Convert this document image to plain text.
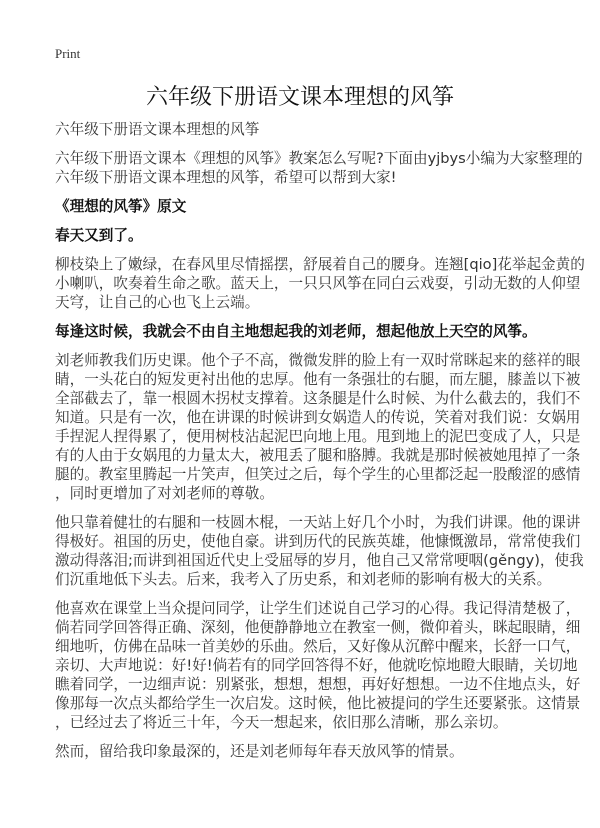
Print
六年级下册语文课本理想的风筝
六年级下册语文课本理想的风筝
六年级下册语文课本《理想的风筝》教案怎么写呢?下面由yjbys小编为大家整理的
六年级下册语文课本理想的风筝，希望可以帮到大家!
《理想的风筝》原文
春天又到了。
柳枝染上了嫩绿，在春风里尽情摇摆，舒展着自己的腰身。连翘[qio]花举起金黄的
小喇叭，吹奏着生命之歌。蓝天上，一只只风筝在同白云戏耍，引动无数的人仰望
天穹，让自己的心也飞上云端。
每逢这时候，我就会不由自主地想起我的刘老师，想起他放上天空的风筝。
刘老师教我们历史课。他个子不高，微微发胖的脸上有一双时常眯起来的慈祥的眼
睛，一头花白的短发更衬出他的忠厚。他有一条强壮的右腿，而左腿，膝盖以下被
全部截去了，靠一根圆木拐杖支撑着。这条腿是什么时候、为什么截去的，我们不
知道。只是有一次，他在讲课的时候讲到女娲造人的传说，笑着对我们说：女娲用
手捏泥人捏得累了，便用树枝沾起泥巴向地上甩。甩到地上的泥巴变成了人，只是
有的人由于女娲甩的力量太大，被甩丢了腿和胳膊。我就是那时候被她甩掉了一条
腿的。教室里腾起一片笑声，但笑过之后，每个学生的心里都泛起一股酸涩的感情
，同时更增加了对刘老师的尊敬。
他只靠着健壮的右腿和一枝圆木棍，一天站上好几个小时，为我们讲课。他的课讲
得极好。祖国的历史，使他自豪。讲到历代的民族英雄，他慷慨激昂，常常使我们
激动得落泪;而讲到祖国近代史上受屈辱的岁月，他自己又常常哽咽(gěngy)，使我
们沉重地低下头去。后来，我考入了历史系，和刘老师的影响有极大的关系。
他喜欢在课堂上当众提问同学，让学生们述说自己学习的心得。我记得清楚极了，
倘若同学回答得正确、深刻，他便静静地立在教室一侧，微仰着头，眯起眼睛，细
细地听，仿佛在品味一首美妙的乐曲。然后，又好像从沉醉中醒来，长舒一口气，
亲切、大声地说：好!好!倘若有的同学回答得不好，他就吃惊地瞪大眼睛，关切地
瞧着同学，一边细声说：别紧张，想想，想想，再好好想想。一边不住地点头，好
像那每一次点头都给学生一次启发。这时候，他比被提问的学生还要紧张。这情景
，已经过去了将近三十年，今天一想起来，依旧那么清晰，那么亲切。
然而，留给我印象最深的，还是刘老师每年春天放风筝的情景。
